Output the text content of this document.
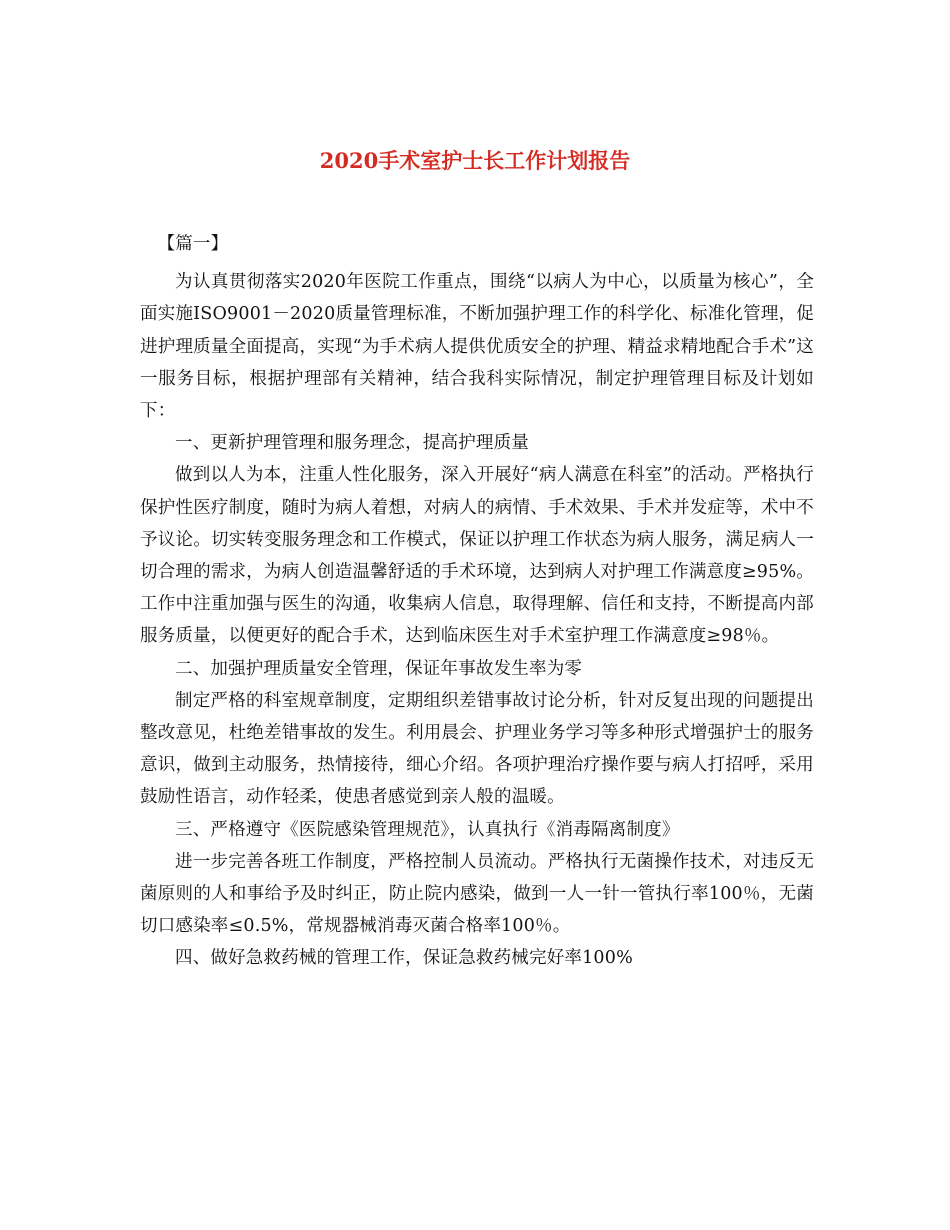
2020手术室护士长工作计划报告

【篇一】

为认真贯彻落实2020年医院工作重点，围绕“以病人为中心，以质量为核心”，全面实施ISO9001－2020质量管理标准，不断加强护理工作的科学化、标准化管理，促进护理质量全面提高，实现“为手术病人提供优质安全的护理、精益求精地配合手术”这一服务目标，根据护理部有关精神，结合我科实际情况，制定护理管理目标及计划如下：

一、更新护理管理和服务理念，提高护理质量

做到以人为本，注重人性化服务，深入开展好“病人满意在科室”的活动。严格执行保护性医疗制度，随时为病人着想，对病人的病情、手术效果、手术并发症等，术中不予议论。切实转变服务理念和工作模式，保证以护理工作状态为病人服务，满足病人一切合理的需求，为病人创造温馨舒适的手术环境，达到病人对护理工作满意度≥95%。工作中注重加强与医生的沟通，收集病人信息，取得理解、信任和支持，不断提高内部服务质量，以便更好的配合手术，达到临床医生对手术室护理工作满意度≥98％。

二、加强护理质量安全管理，保证年事故发生率为零

制定严格的科室规章制度，定期组织差错事故讨论分析，针对反复出现的问题提出整改意见，杜绝差错事故的发生。利用晨会、护理业务学习等多种形式增强护士的服务意识，做到主动服务，热情接待，细心介绍。各项护理治疗操作要与病人打招呼，采用鼓励性语言，动作轻柔，使患者感觉到亲人般的温暖。

三、严格遵守《医院感染管理规范》，认真执行《消毒隔离制度》

进一步完善各班工作制度，严格控制人员流动。严格执行无菌操作技术，对违反无菌原则的人和事给予及时纠正，防止院内感染，做到一人一针一管执行率100％，无菌切口感染率≤0.5%，常规器械消毒灭菌合格率100％。

四、做好急救药械的管理工作，保证急救药械完好率100%
